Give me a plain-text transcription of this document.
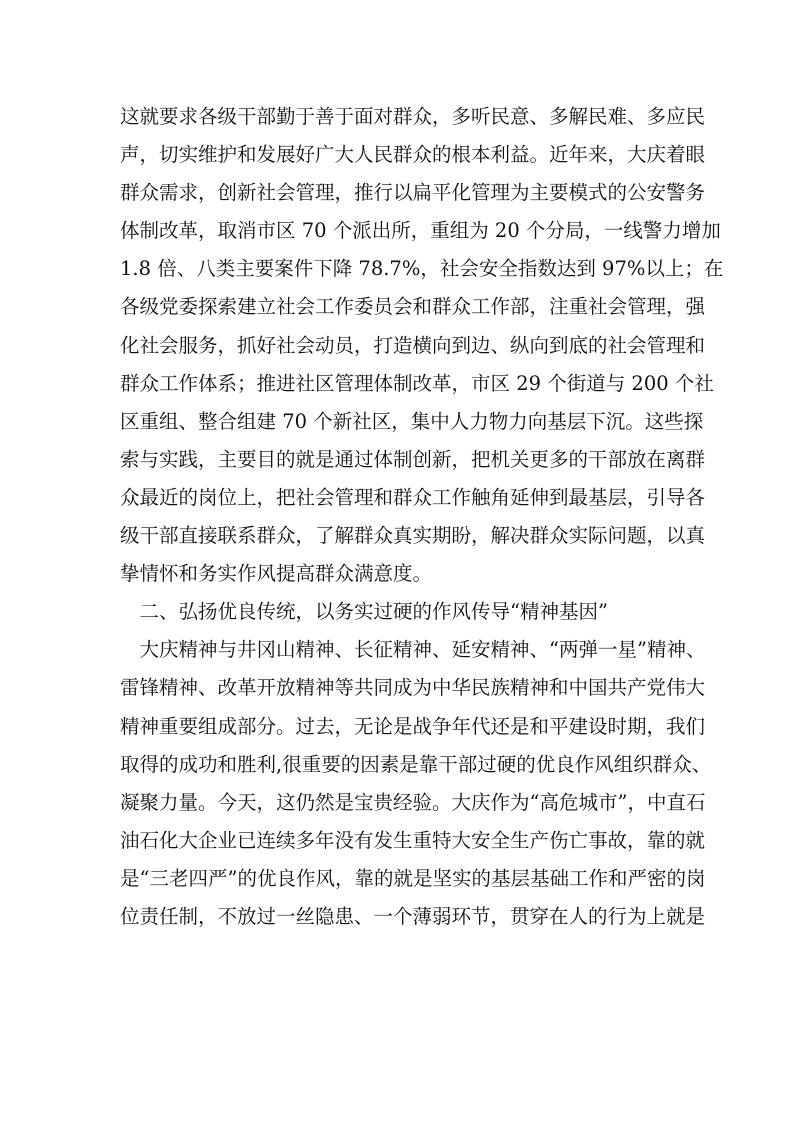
这就要求各级干部勤于善于面对群众，多听民意、多解民难、多应民
声，切实维护和发展好广大人民群众的根本利益。近年来，大庆着眼
群众需求，创新社会管理，推行以扁平化管理为主要模式的公安警务
体制改革，取消市区 70 个派出所，重组为 20 个分局，一线警力增加
1.8 倍、八类主要案件下降 78.7%，社会安全指数达到 97%以上；在
各级党委探索建立社会工作委员会和群众工作部，注重社会管理，强
化社会服务，抓好社会动员，打造横向到边、纵向到底的社会管理和
群众工作体系；推进社区管理体制改革，市区 29 个街道与 200 个社
区重组、整合组建 70 个新社区，集中人力物力向基层下沉。这些探
索与实践，主要目的就是通过体制创新，把机关更多的干部放在离群
众最近的岗位上，把社会管理和群众工作触角延伸到最基层，引导各
级干部直接联系群众，了解群众真实期盼，解决群众实际问题，以真
挚情怀和务实作风提高群众满意度。
　二、弘扬优良传统，以务实过硬的作风传导“精神基因”
　大庆精神与井冈山精神、长征精神、延安精神、“两弹一星”精神、
雷锋精神、改革开放精神等共同成为中华民族精神和中国共产党伟大
精神重要组成部分。过去，无论是战争年代还是和平建设时期，我们
取得的成功和胜利,很重要的因素是靠干部过硬的优良作风组织群众、
凝聚力量。今天，这仍然是宝贵经验。大庆作为“高危城市”，中直石
油石化大企业已连续多年没有发生重特大安全生产伤亡事故，靠的就
是“三老四严”的优良作风，靠的就是坚实的基层基础工作和严密的岗
位责任制，不放过一丝隐患、一个薄弱环节，贯穿在人的行为上就是
